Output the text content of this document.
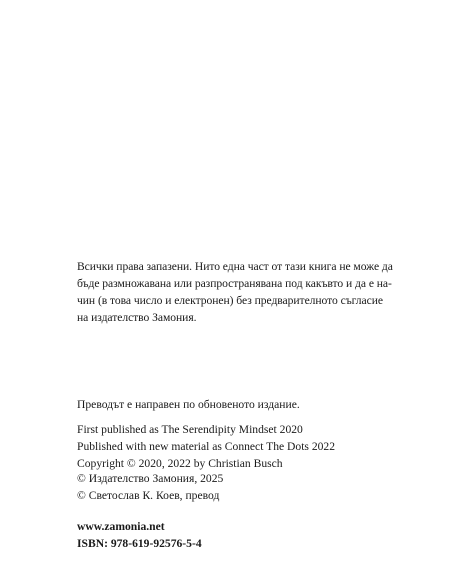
Всички права запазени. Нито една част от тази книга не може да
бъде размножавана или разпространявана под какъвто и да е на-
чин (в това число и електронен) без предварителното съгласие
на издателство Замония.
Преводът е направен по обновеното издание.
First published as The Serendipity Mindset 2020
Published with new material as Connect The Dots 2022
Copyright © 2020, 2022 by Christian Busch
© Издателство Замония, 2025
© Светослав К. Коев, превод
www.zamonia.net
ISBN: 978-619-92576-5-4
